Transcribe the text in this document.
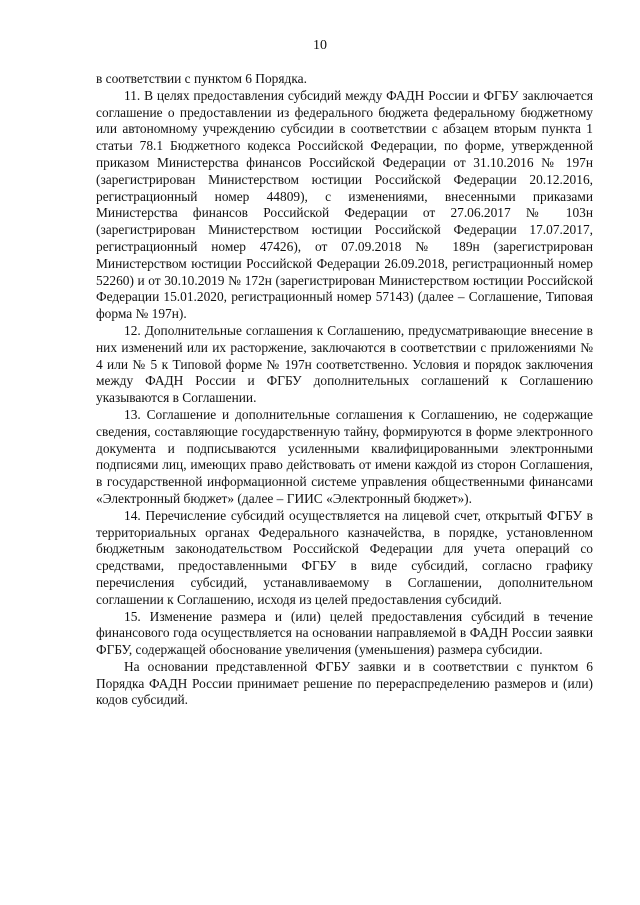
10

в соответствии с пунктом 6 Порядка.

11. В целях предоставления субсидий между ФАДН России и ФГБУ заключается соглашение о предоставлении из федерального бюджета федеральному бюджетному или автономному учреждению субсидии в соответствии с абзацем вторым пункта 1 статьи 78.1 Бюджетного кодекса Российской Федерации, по форме, утвержденной приказом Министерства финансов Российской Федерации от 31.10.2016 № 197н (зарегистрирован Министерством юстиции Российской Федерации 20.12.2016, регистрационный номер 44809), с изменениями, внесенными приказами Министерства финансов Российской Федерации от 27.06.2017 № 103н (зарегистрирован Министерством юстиции Российской Федерации 17.07.2017, регистрационный номер 47426), от 07.09.2018 № 189н (зарегистрирован Министерством юстиции Российской Федерации 26.09.2018, регистрационный номер 52260) и от 30.10.2019 № 172н (зарегистрирован Министерством юстиции Российской Федерации 15.01.2020, регистрационный номер 57143) (далее – Соглашение, Типовая форма № 197н).

12. Дополнительные соглашения к Соглашению, предусматривающие внесение в них изменений или их расторжение, заключаются в соответствии с приложениями № 4 или № 5 к Типовой форме № 197н соответственно. Условия и порядок заключения между ФАДН России и ФГБУ дополнительных соглашений к Соглашению указываются в Соглашении.

13. Соглашение и дополнительные соглашения к Соглашению, не содержащие сведения, составляющие государственную тайну, формируются в форме электронного документа и подписываются усиленными квалифицированными электронными подписями лиц, имеющих право действовать от имени каждой из сторон Соглашения, в государственной информационной системе управления общественными финансами «Электронный бюджет» (далее – ГИИС «Электронный бюджет»).

14. Перечисление субсидий осуществляется на лицевой счет, открытый ФГБУ в территориальных органах Федерального казначейства, в порядке, установленном бюджетным законодательством Российской Федерации для учета операций со средствами, предоставленными ФГБУ в виде субсидий, согласно графику перечисления субсидий, устанавливаемому в Соглашении, дополнительном соглашении к Соглашению, исходя из целей предоставления субсидий.

15. Изменение размера и (или) целей предоставления субсидий в течение финансового года осуществляется на основании направляемой в ФАДН России заявки ФГБУ, содержащей обоснование увеличения (уменьшения) размера субсидии.

На основании представленной ФГБУ заявки и в соответствии с пунктом 6 Порядка ФАДН России принимает решение по перераспределению размеров и (или) кодов субсидий.
